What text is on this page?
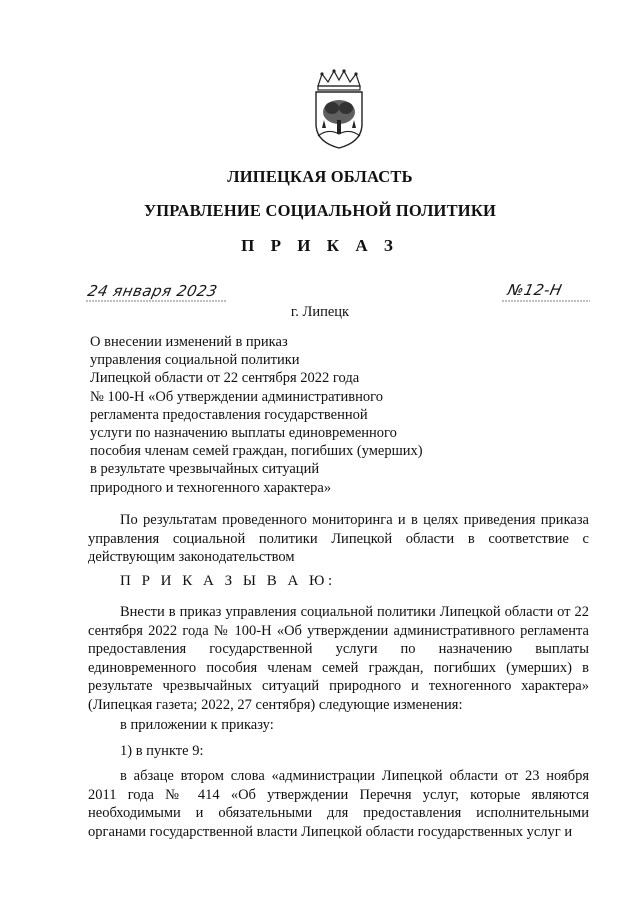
ЛИПЕЦКАЯ ОБЛАСТЬ
УПРАВЛЕНИЕ СОЦИАЛЬНОЙ ПОЛИТИКИ
П Р И К А З
24 января 2023	№12-Н
г. Липецк
О внесении изменений в приказ
управления социальной политики
Липецкой области от 22 сентября 2022 года
№ 100-Н «Об утверждении административного
регламента предоставления государственной
услуги по назначению выплаты единовременного
пособия членам семей граждан, погибших (умерших)
в результате чрезвычайных ситуаций
природного и техногенного характера»
По результатам проведенного мониторинга и в целях приведения приказа управления социальной политики Липецкой области в соответствие с действующим законодательством
П Р И К А З Ы В А Ю:
Внести в приказ управления социальной политики Липецкой области от 22 сентября 2022 года № 100-Н «Об утверждении административного регламента предоставления государственной услуги по назначению выплаты единовременного пособия членам семей граждан, погибших (умерших) в результате чрезвычайных ситуаций природного и техногенного характера» (Липецкая газета; 2022, 27 сентября) следующие изменения:
в приложении к приказу:
1) в пункте 9:
в абзаце втором слова «администрации Липецкой области от 23 ноября 2011 года № 414 «Об утверждении Перечня услуг, которые являются необходимыми и обязательными для предоставления исполнительными органами государственной власти Липецкой области государственных услуг и
